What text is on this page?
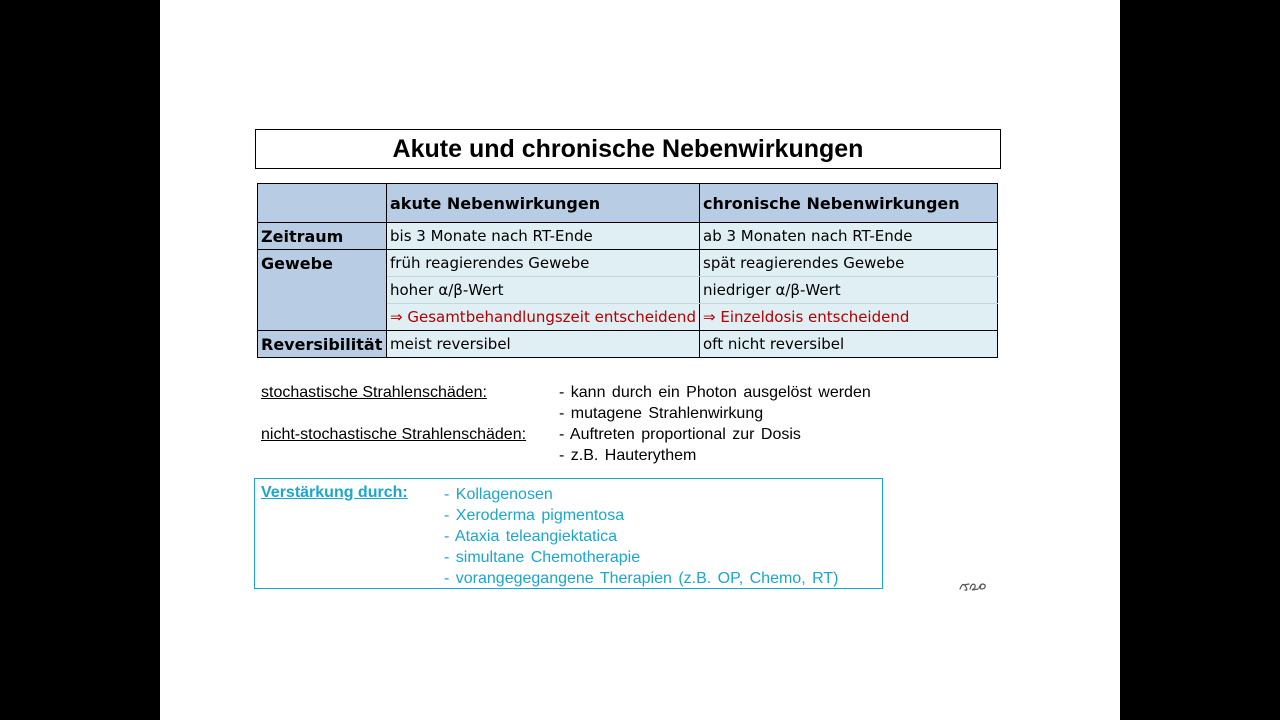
Akute und chronische Nebenwirkungen
	akute Nebenwirkungen	chronische Nebenwirkungen
Zeitraum	bis 3 Monate nach RT-Ende	ab 3 Monaten nach RT-Ende
Gewebe	früh reagierendes Gewebe	spät reagierendes Gewebe
	hoher α/β-Wert	niedriger α/β-Wert
	⇒ Gesamtbehandlungszeit entscheidend	⇒ Einzeldosis entscheidend
Reversibilität	meist reversibel	oft nicht reversibel
stochastische Strahlenschäden:	- kann durch ein Photon ausgelöst werden
- mutagene Strahlenwirkung
nicht-stochastische Strahlenschäden: - Auftreten proportional zur Dosis
- z.B. Hauterythem
Verstärkung durch: - Kollagenosen
- Xeroderma pigmentosa
- Ataxia teleangiektatica
- simultane Chemotherapie
- vorangegegangene Therapien (z.B. OP, Chemo, RT)
